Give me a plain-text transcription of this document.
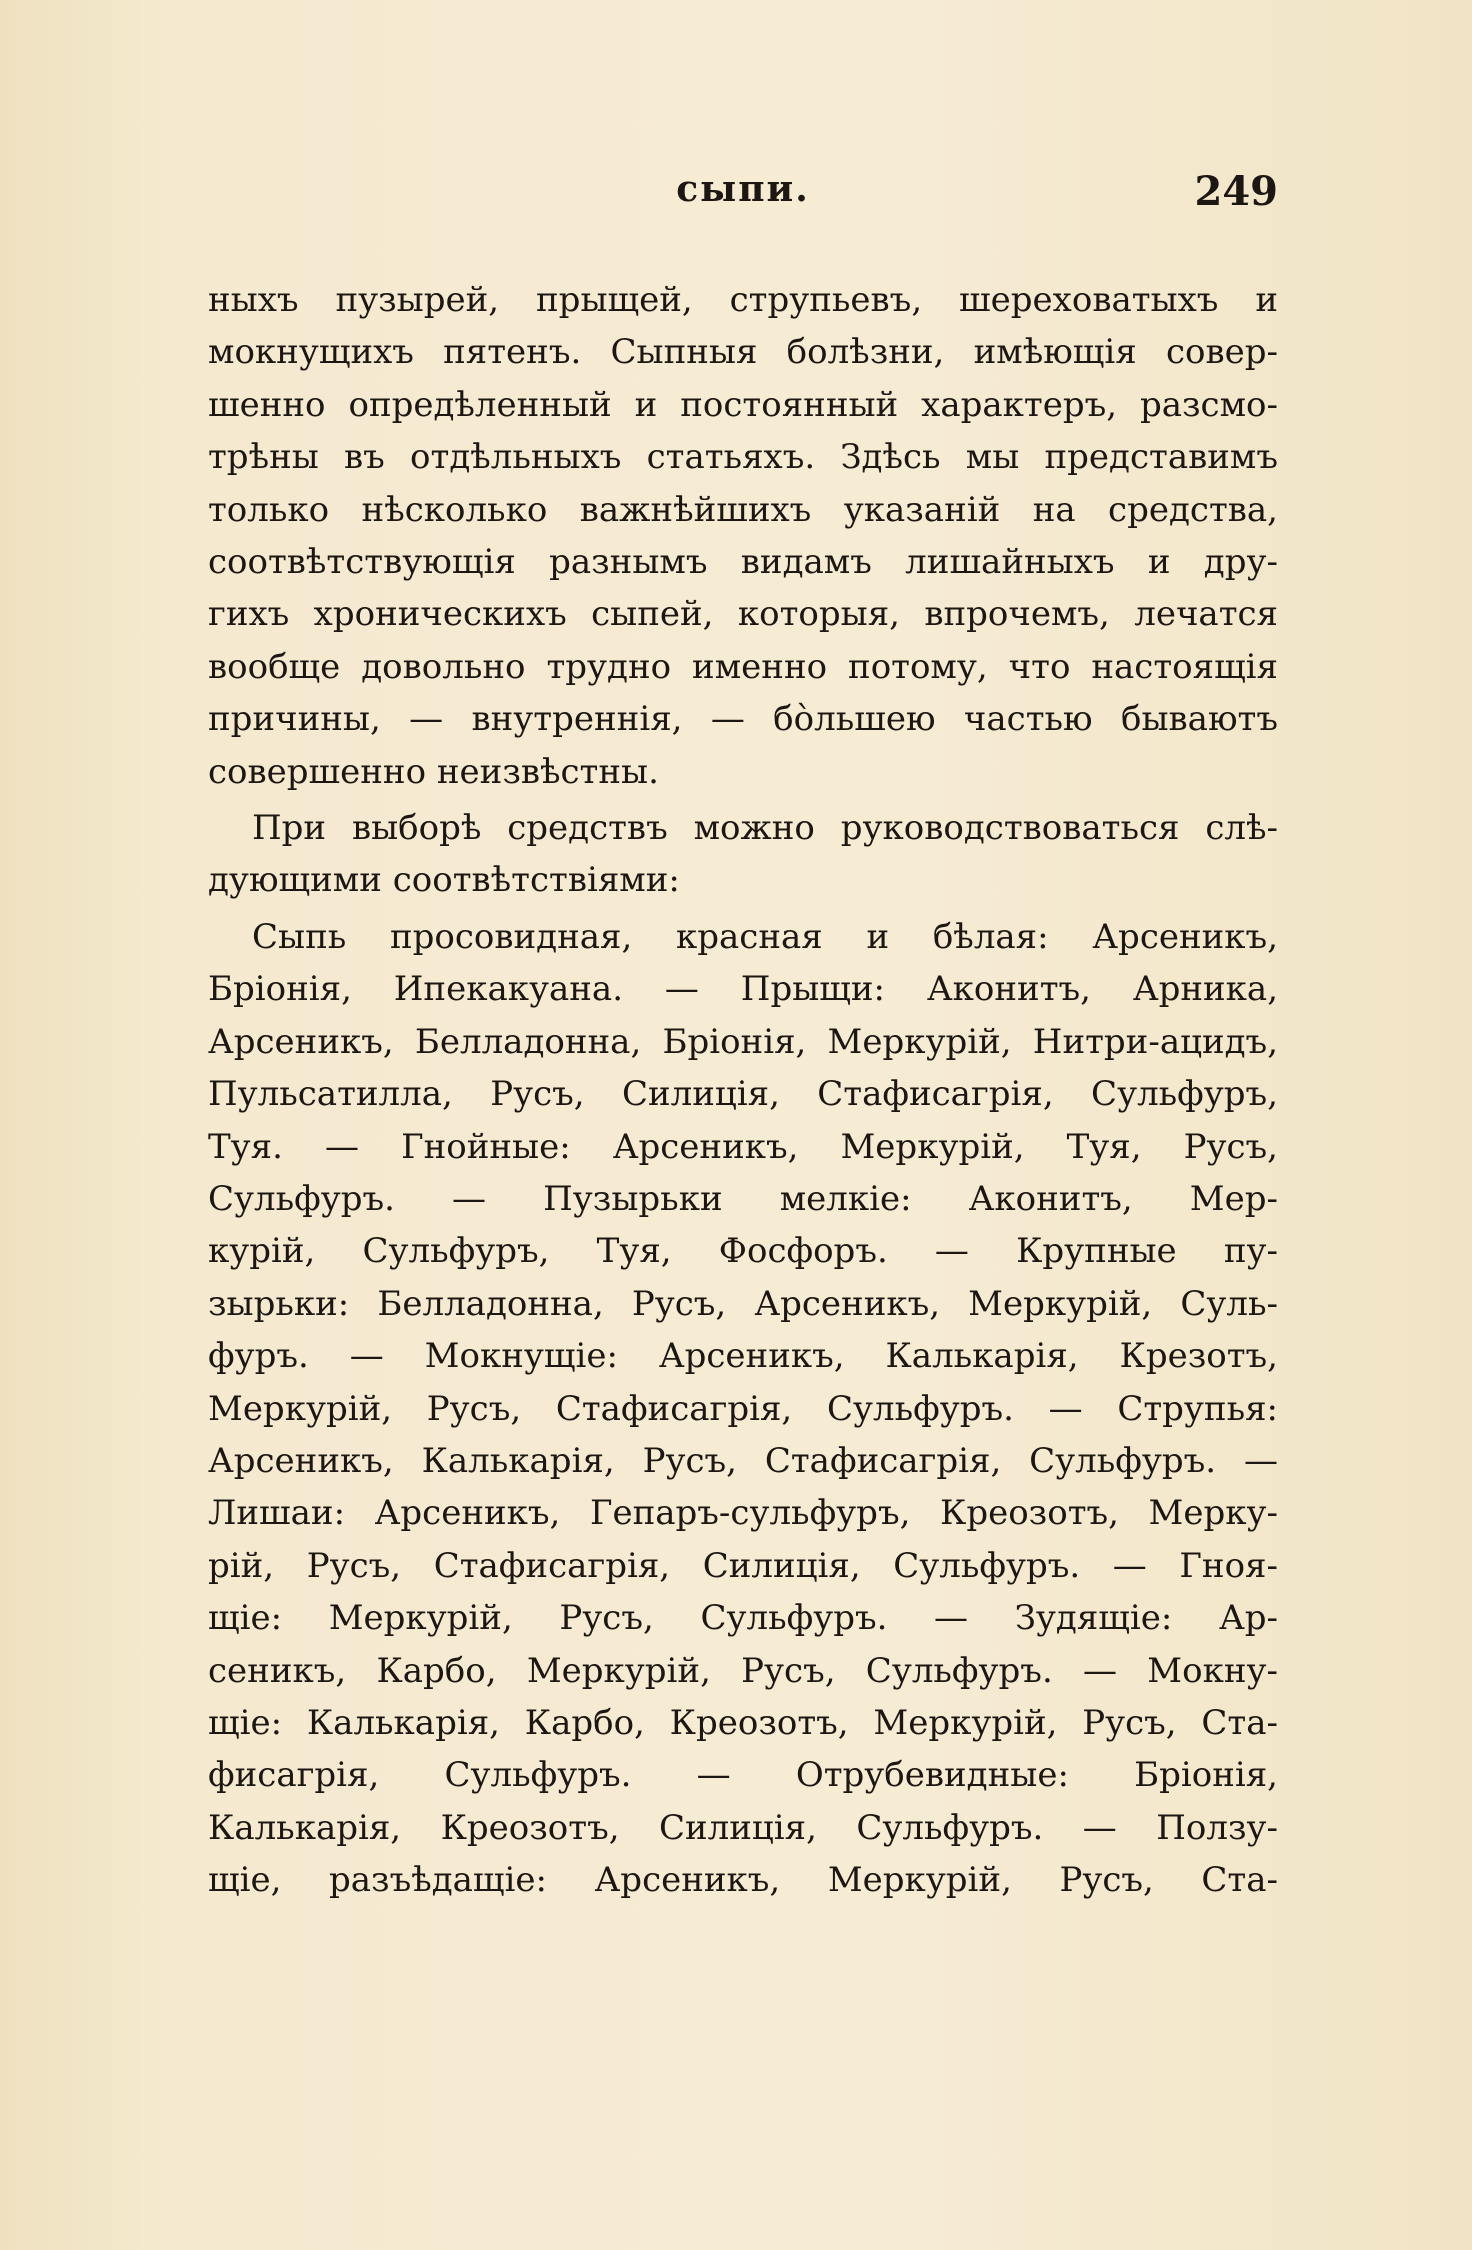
сыпи.	249
ныхъ пузырей, прыщей, струпьевъ, шереховатыхъ и
мокнущихъ пятенъ. Сыпныя болѣзни, имѣющія совер-
шенно опредѣленный и постоянный характеръ, разсмо-
трѣны въ отдѣльныхъ статьяхъ. Здѣсь мы представимъ
только нѣсколько важнѣйшихъ указаній на средства,
соотвѣтствующія разнымъ видамъ лишайныхъ и дру-
гихъ хроническихъ сыпей, которыя, впрочемъ, лечатся
вообще довольно трудно именно потому, что настоящія
причины, — внутреннія, — бо̀льшею частью бываютъ
совершенно неизвѣстны.
При выборѣ средствъ можно руководствоваться слѣ-
дующими соотвѣтствіями:
Сыпь просовидная, красная и бѣлая: Арсеникъ,
Бріонія, Ипекакуана. — Прыщи: Аконитъ, Арника,
Арсеникъ, Белладонна, Бріонія, Меркурій, Нитри-ацидъ,
Пульсатилла, Русъ, Силиція, Стафисагрія, Сульфуръ,
Туя. — Гнойные: Арсеникъ, Меркурій, Туя, Русъ,
Сульфуръ. — Пузырьки мелкіе: Аконитъ, Мер-
курій, Сульфуръ, Туя, Фосфоръ. — Крупные пу-
зырьки: Белладонна, Русъ, Арсеникъ, Меркурій, Суль-
фуръ. — Мокнущіе: Арсеникъ, Калькарія, Крезотъ,
Меркурій, Русъ, Стафисагрія, Сульфуръ. — Струпья:
Арсеникъ, Калькарія, Русъ, Стафисагрія, Сульфуръ. —
Лишаи: Арсеникъ, Гепаръ-сульфуръ, Креозотъ, Мерку-
рій, Русъ, Стафисагрія, Силиція, Сульфуръ. — Гноя-
щіе: Меркурій, Русъ, Сульфуръ. — Зудящіе: Ар-
сеникъ, Карбо, Меркурій, Русъ, Сульфуръ. — Мокну-
щіе: Калькарія, Карбо, Креозотъ, Меркурій, Русъ, Ста-
фисагрія, Сульфуръ. — Отрубевидные: Бріонія,
Калькарія, Креозотъ, Силиція, Сульфуръ. — Ползу-
щіе, разъѣдащіе: Арсеникъ, Меркурій, Русъ, Ста-
